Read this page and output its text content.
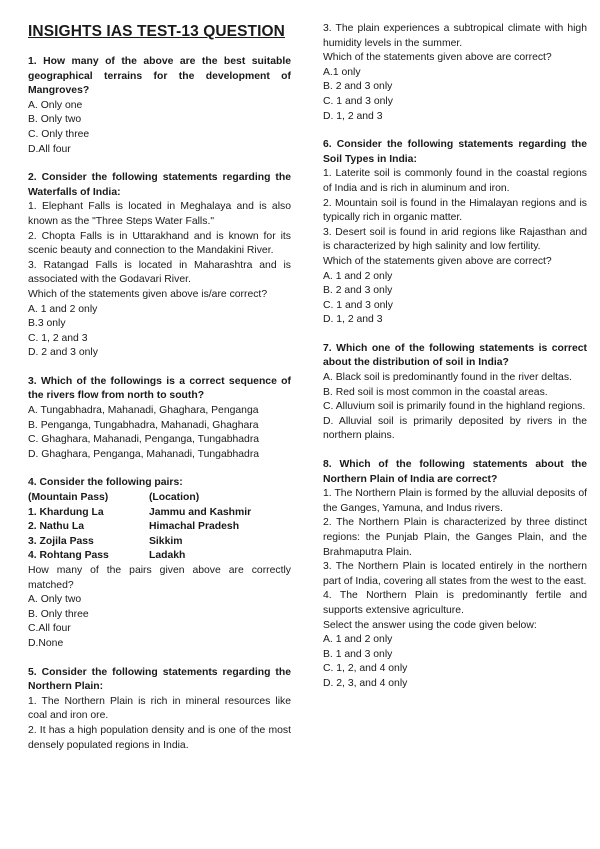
INSIGHTS IAS TEST-13 QUESTION
1. How many of the above are the best suitable geographical terrains for the development of Mangroves?
A. Only one
B. Only two
C. Only three
D.All four
2. Consider the following statements regarding the Waterfalls of India:
1. Elephant Falls is located in Meghalaya and is also known as the "Three Steps Water Falls."
2. Chopta Falls is in Uttarakhand and is known for its scenic beauty and connection to the Mandakini River.
3. Ratangad Falls is located in Maharashtra and is associated with the Godavari River.
Which of the statements given above is/are correct?
A. 1 and 2 only
B.3 only
C. 1, 2 and 3
D. 2 and 3 only
3. Which of the followings is a correct sequence of the rivers flow from north to south?
A. Tungabhadra, Mahanadi, Ghaghara, Penganga
B. Penganga, Tungabhadra, Mahanadi, Ghaghara
C. Ghaghara, Mahanadi, Penganga, Tungabhadra
D. Ghaghara, Penganga, Mahanadi, Tungabhadra
4. Consider the following pairs:
(Mountain Pass)	(Location)
1. Khardung La	Jammu and Kashmir
2. Nathu La	Himachal Pradesh
3. Zojila Pass	Sikkim
4. Rohtang Pass	Ladakh
How many of the pairs given above are correctly matched?
A. Only two
B. Only three
C.All four
D.None
5. Consider the following statements regarding the Northern Plain:
1. The Northern Plain is rich in mineral resources like coal and iron ore.
2. It has a high population density and is one of the most densely populated regions in India.
3. The plain experiences a subtropical climate with high humidity levels in the summer.
Which of the statements given above are correct?
A.1 only
B. 2 and 3 only
C. 1 and 3 only
D. 1, 2 and 3
6. Consider the following statements regarding the Soil Types in India:
1. Laterite soil is commonly found in the coastal regions of India and is rich in aluminum and iron.
2. Mountain soil is found in the Himalayan regions and is typically rich in organic matter.
3. Desert soil is found in arid regions like Rajasthan and is characterized by high salinity and low fertility.
Which of the statements given above are correct?
A. 1 and 2 only
B. 2 and 3 only
C. 1 and 3 only
D. 1, 2 and 3
7. Which one of the following statements is correct about the distribution of soil in India?
A. Black soil is predominantly found in the river deltas.
B. Red soil is most common in the coastal areas.
C. Alluvium soil is primarily found in the highland regions.
D. Alluvial soil is primarily deposited by rivers in the northern plains.
8. Which of the following statements about the Northern Plain of India are correct?
1. The Northern Plain is formed by the alluvial deposits of the Ganges, Yamuna, and Indus rivers.
2. The Northern Plain is characterized by three distinct regions: the Punjab Plain, the Ganges Plain, and the Brahmaputra Plain.
3. The Northern Plain is located entirely in the northern part of India, covering all states from the west to the east.
4. The Northern Plain is predominantly fertile and supports extensive agriculture.
Select the answer using the code given below:
A. 1 and 2 only
B. 1 and 3 only
C. 1, 2, and 4 only
D. 2, 3, and 4 only
